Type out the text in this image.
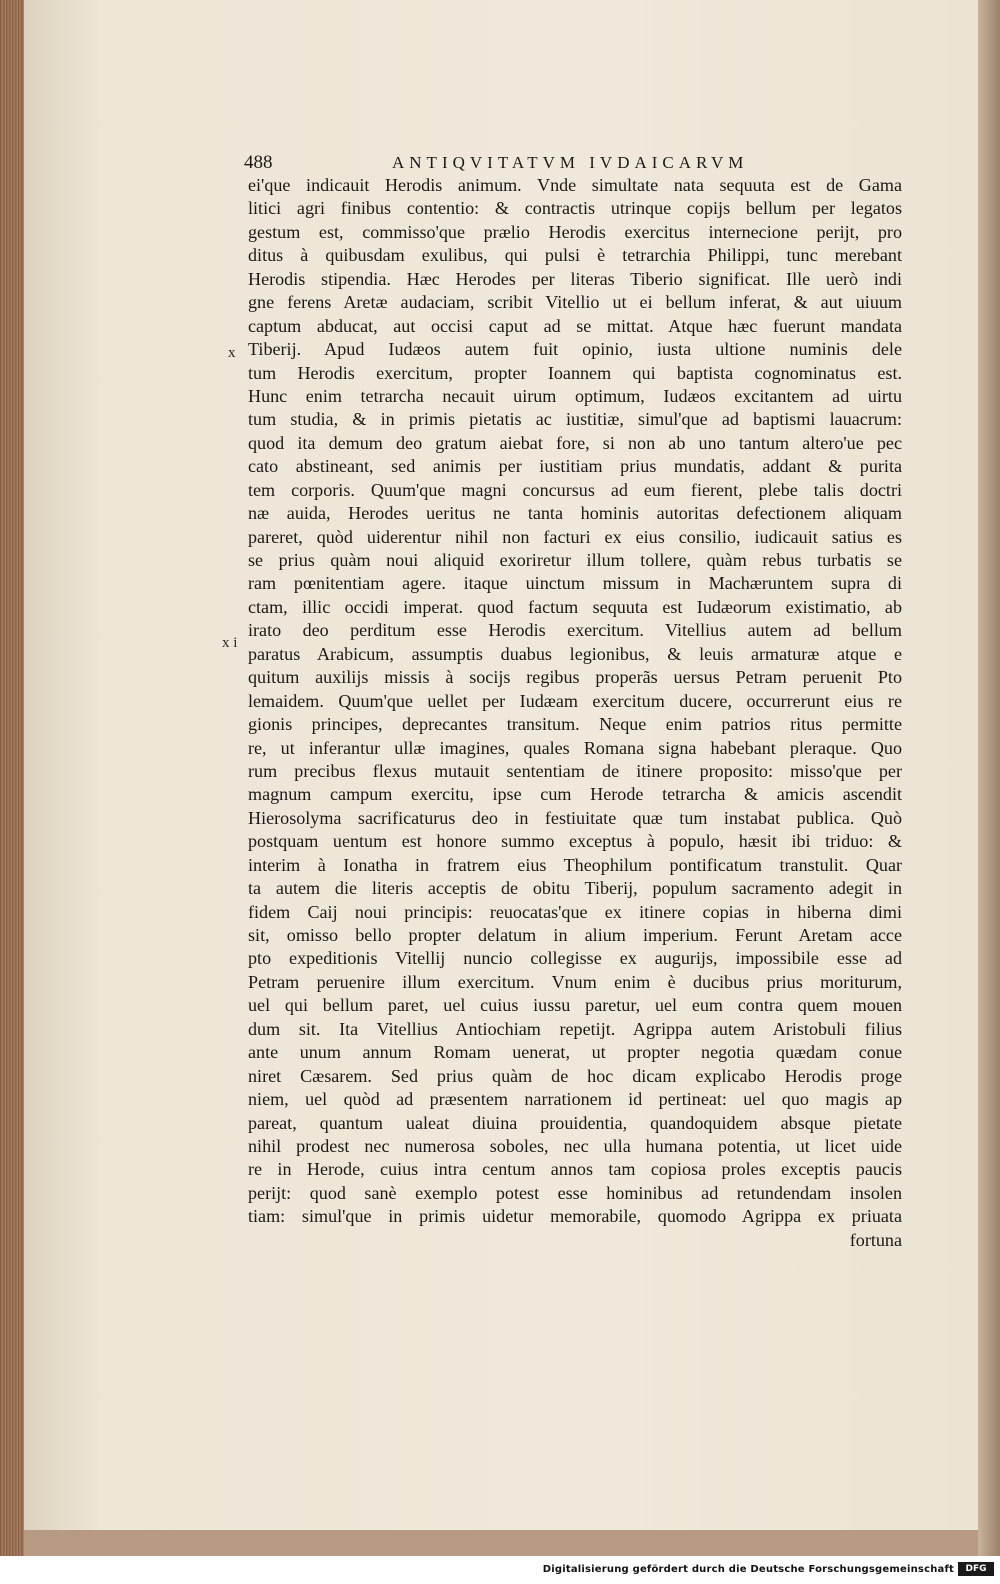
488	ANTIQVITATVM IVDAICARVM
x
x i
ei'que indicauit Herodis animum. Vnde simultate nata sequuta est de Gama
litici agri finibus contentio: & contractis utrinque copijs bellum per legatos
gestum est, commisso'que prælio Herodis exercitus internecione perijt, pro
ditus à quibusdam exulibus, qui pulsi è tetrarchia Philippi, tunc merebant
Herodis stipendia. Hæc Herodes per literas Tiberio significat. Ille uerò indi
gne ferens Aretæ audaciam, scribit Vitellio ut ei bellum inferat, & aut uiuum
captum abducat, aut occisi caput ad se mittat. Atque hæc fuerunt mandata
Tiberij. Apud Iudæos autem fuit opinio, iusta ultione numinis dele
tum Herodis exercitum, propter Ioannem qui baptista cognominatus est.
Hunc enim tetrarcha necauit uirum optimum, Iudæos excitantem ad uirtu
tum studia, & in primis pietatis ac iustitiæ, simul'que ad baptismi lauacrum:
quod ita demum deo gratum aiebat fore, si non ab uno tantum altero'ue pec
cato abstineant, sed animis per iustitiam prius mundatis, addant & purita
tem corporis. Quum'que magni concursus ad eum fierent, plebe talis doctri
næ auida, Herodes ueritus ne tanta hominis autoritas defectionem aliquam
pareret, quòd uiderentur nihil non facturi ex eius consilio, iudicauit satius es
se prius quàm noui aliquid exoriretur illum tollere, quàm rebus turbatis se
ram pœnitentiam agere. itaque uinctum missum in Machæruntem supra di
ctam, illic occidi imperat. quod factum sequuta est Iudæorum existimatio, ab
irato deo perditum esse Herodis exercitum. Vitellius autem ad bellum
paratus Arabicum, assumptis duabus legionibus, & leuis armaturæ atque e
quitum auxilijs missis à socijs regibus properãs uersus Petram peruenit Pto
lemaidem. Quum'que uellet per Iudæam exercitum ducere, occurrerunt eius re
gionis principes, deprecantes transitum. Neque enim patrios ritus permitte
re, ut inferantur ullæ imagines, quales Romana signa habebant pleraque. Quo
rum precibus flexus mutauit sententiam de itinere proposito: misso'que per
magnum campum exercitu, ipse cum Herode tetrarcha & amicis ascendit
Hierosolyma sacrificaturus deo in festiuitate quæ tum instabat publica. Quò
postquam uentum est honore summo exceptus à populo, hæsit ibi triduo: &
interim à Ionatha in fratrem eius Theophilum pontificatum transtulit. Quar
ta autem die literis acceptis de obitu Tiberij, populum sacramento adegit in
fidem Caij noui principis: reuocatas'que ex itinere copias in hiberna dimi
sit, omisso bello propter delatum in alium imperium. Ferunt Aretam acce
pto expeditionis Vitellij nuncio collegisse ex augurijs, impossibile esse ad
Petram peruenire illum exercitum. Vnum enim è ducibus prius moriturum,
uel qui bellum paret, uel cuius iussu paretur, uel eum contra quem mouen
dum sit. Ita Vitellius Antiochiam repetijt. Agrippa autem Aristobuli filius
ante unum annum Romam uenerat, ut propter negotia quædam conue
niret Cæsarem. Sed prius quàm de hoc dicam explicabo Herodis proge
niem, uel quòd ad præsentem narrationem id pertineat: uel quo magis ap
pareat, quantum ualeat diuina prouidentia, quandoquidem absque pietate
nihil prodest nec numerosa soboles, nec ulla humana potentia, ut licet uide
re in Herode, cuius intra centum annos tam copiosa proles exceptis paucis
perijt: quod sanè exemplo potest esse hominibus ad retundendam insolen
tiam: simul'que in primis uidetur memorabile, quomodo Agrippa ex priuata
fortuna
Digitalisierung gefördert durch die Deutsche Forschungsgemeinschaft	DFG
